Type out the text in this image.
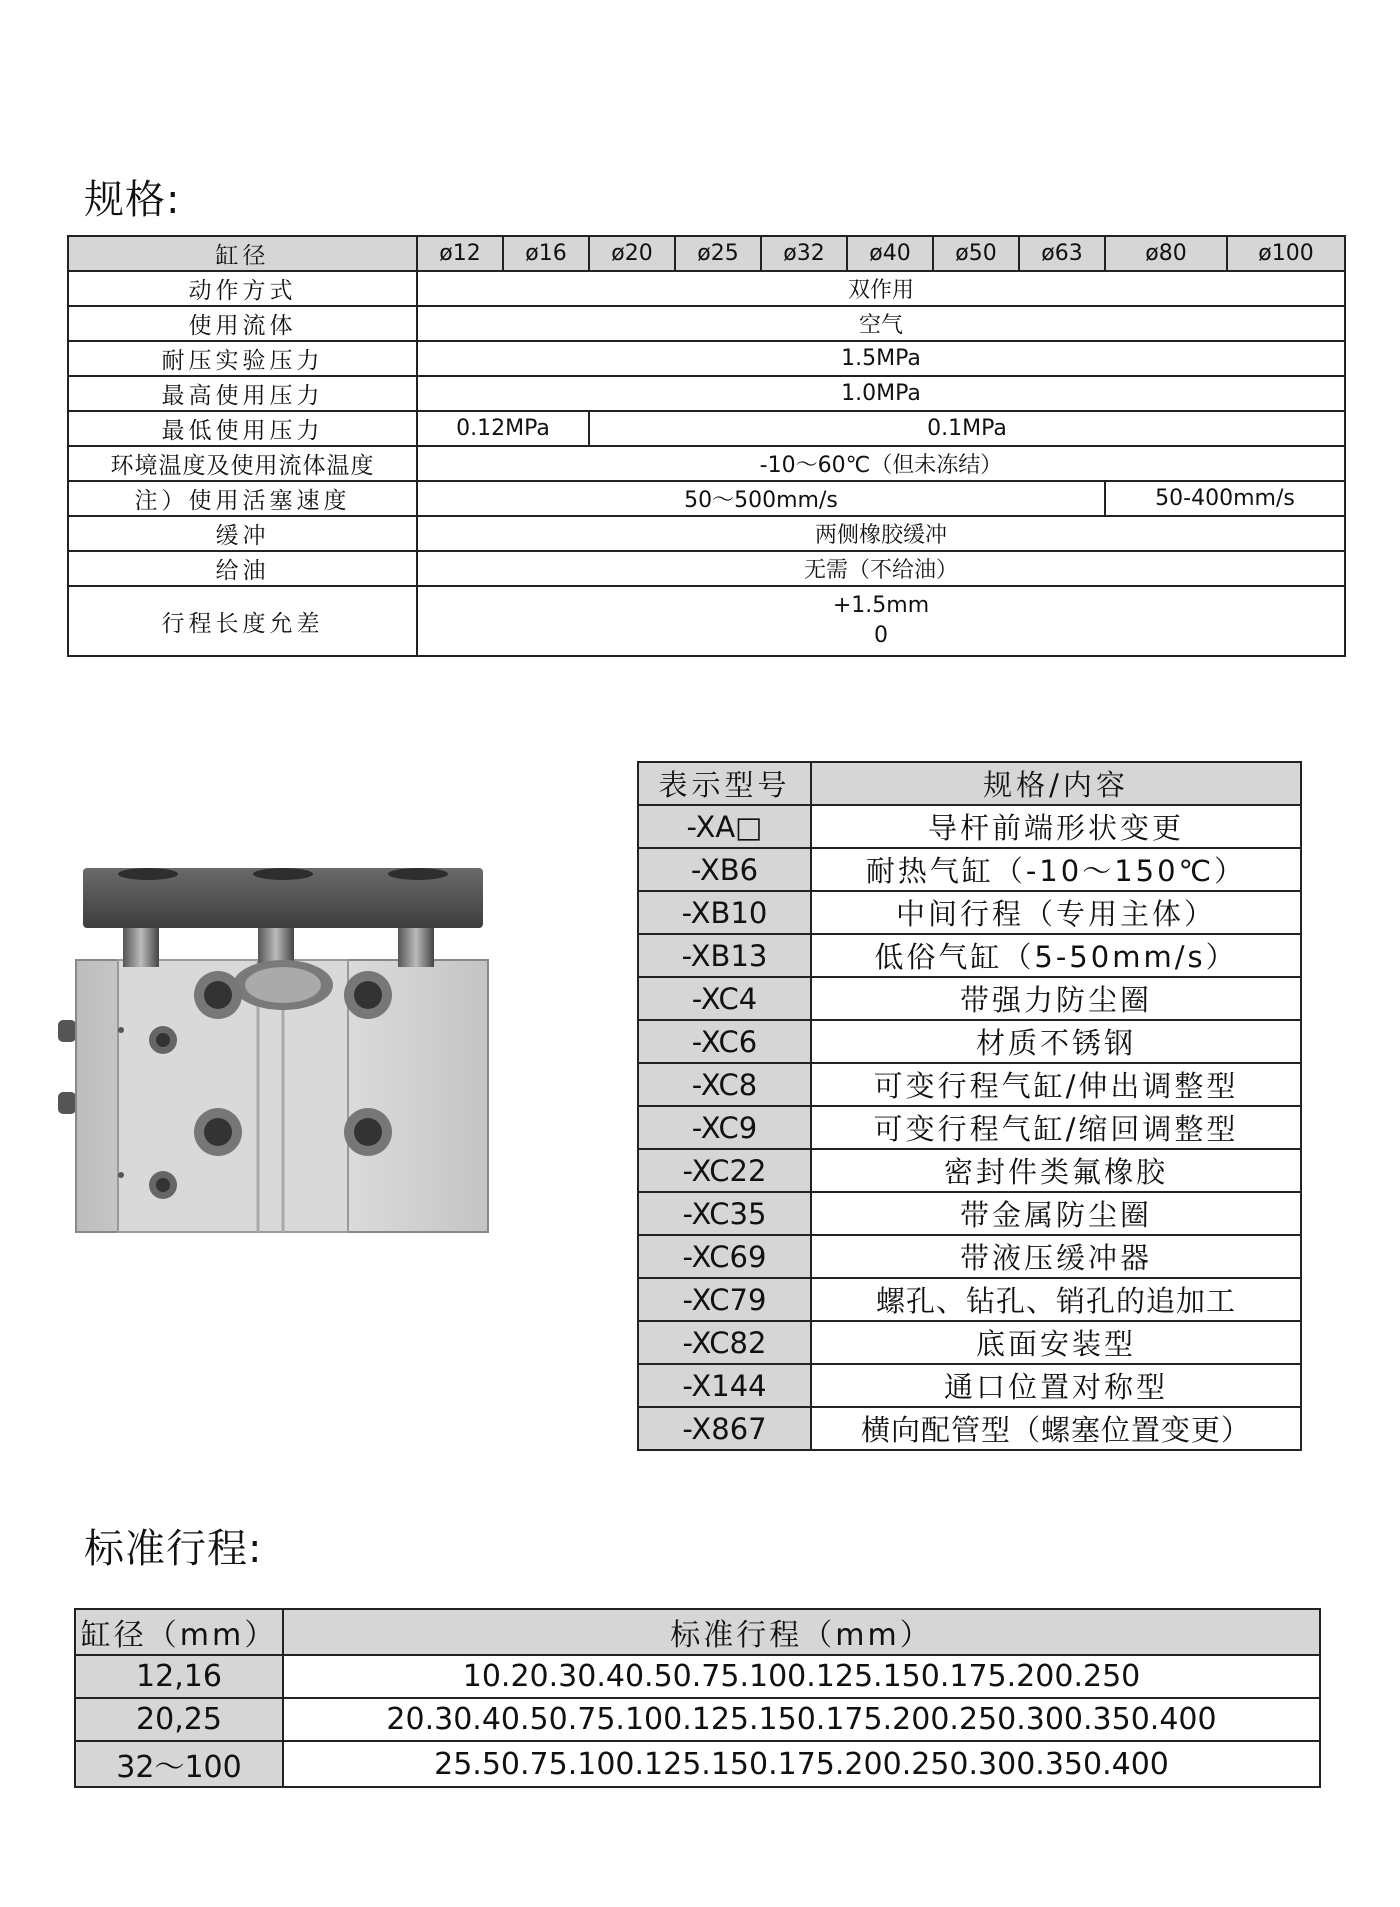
规格:
缸径	ø12	ø16	ø20	ø25	ø32	ø40	ø50	ø63	ø80	ø100
动作方式	双作用									
使用流体	空气									
耐压实验压力	1.5MPa									
最高使用压力	1.0MPa									
最低使用压力	0.12MPa		0.1MPa							
环境温度及使用流体温度	-10～60℃（但未冻结）									
注）使用活塞速度	50～500mm/s								50-400mm/s	
缓冲	两侧橡胶缓冲									
给油	无需（不给油）									
行程长度允差	+1.5mm
0									
表示型号	规格/内容
-XA□	导杆前端形状变更
-XB6	耐热气缸（-10～150℃）
-XB10	中间行程（专用主体）
-XB13	低俗气缸（5-50mm/s）
-XC4	带强力防尘圈
-XC6	材质不锈钢
-XC8	可变行程气缸/伸出调整型
-XC9	可变行程气缸/缩回调整型
-XC22	密封件类氟橡胶
-XC35	带金属防尘圈
-XC69	带液压缓冲器
-XC79	螺孔、钻孔、销孔的追加工
-XC82	底面安装型
-X144	通口位置对称型
-X867	横向配管型（螺塞位置变更）
标准行程:
缸径（mm）	标准行程（mm）
12,16	10.20.30.40.50.75.100.125.150.175.200.250
20,25	20.30.40.50.75.100.125.150.175.200.250.300.350.400
32～100	25.50.75.100.125.150.175.200.250.300.350.400
